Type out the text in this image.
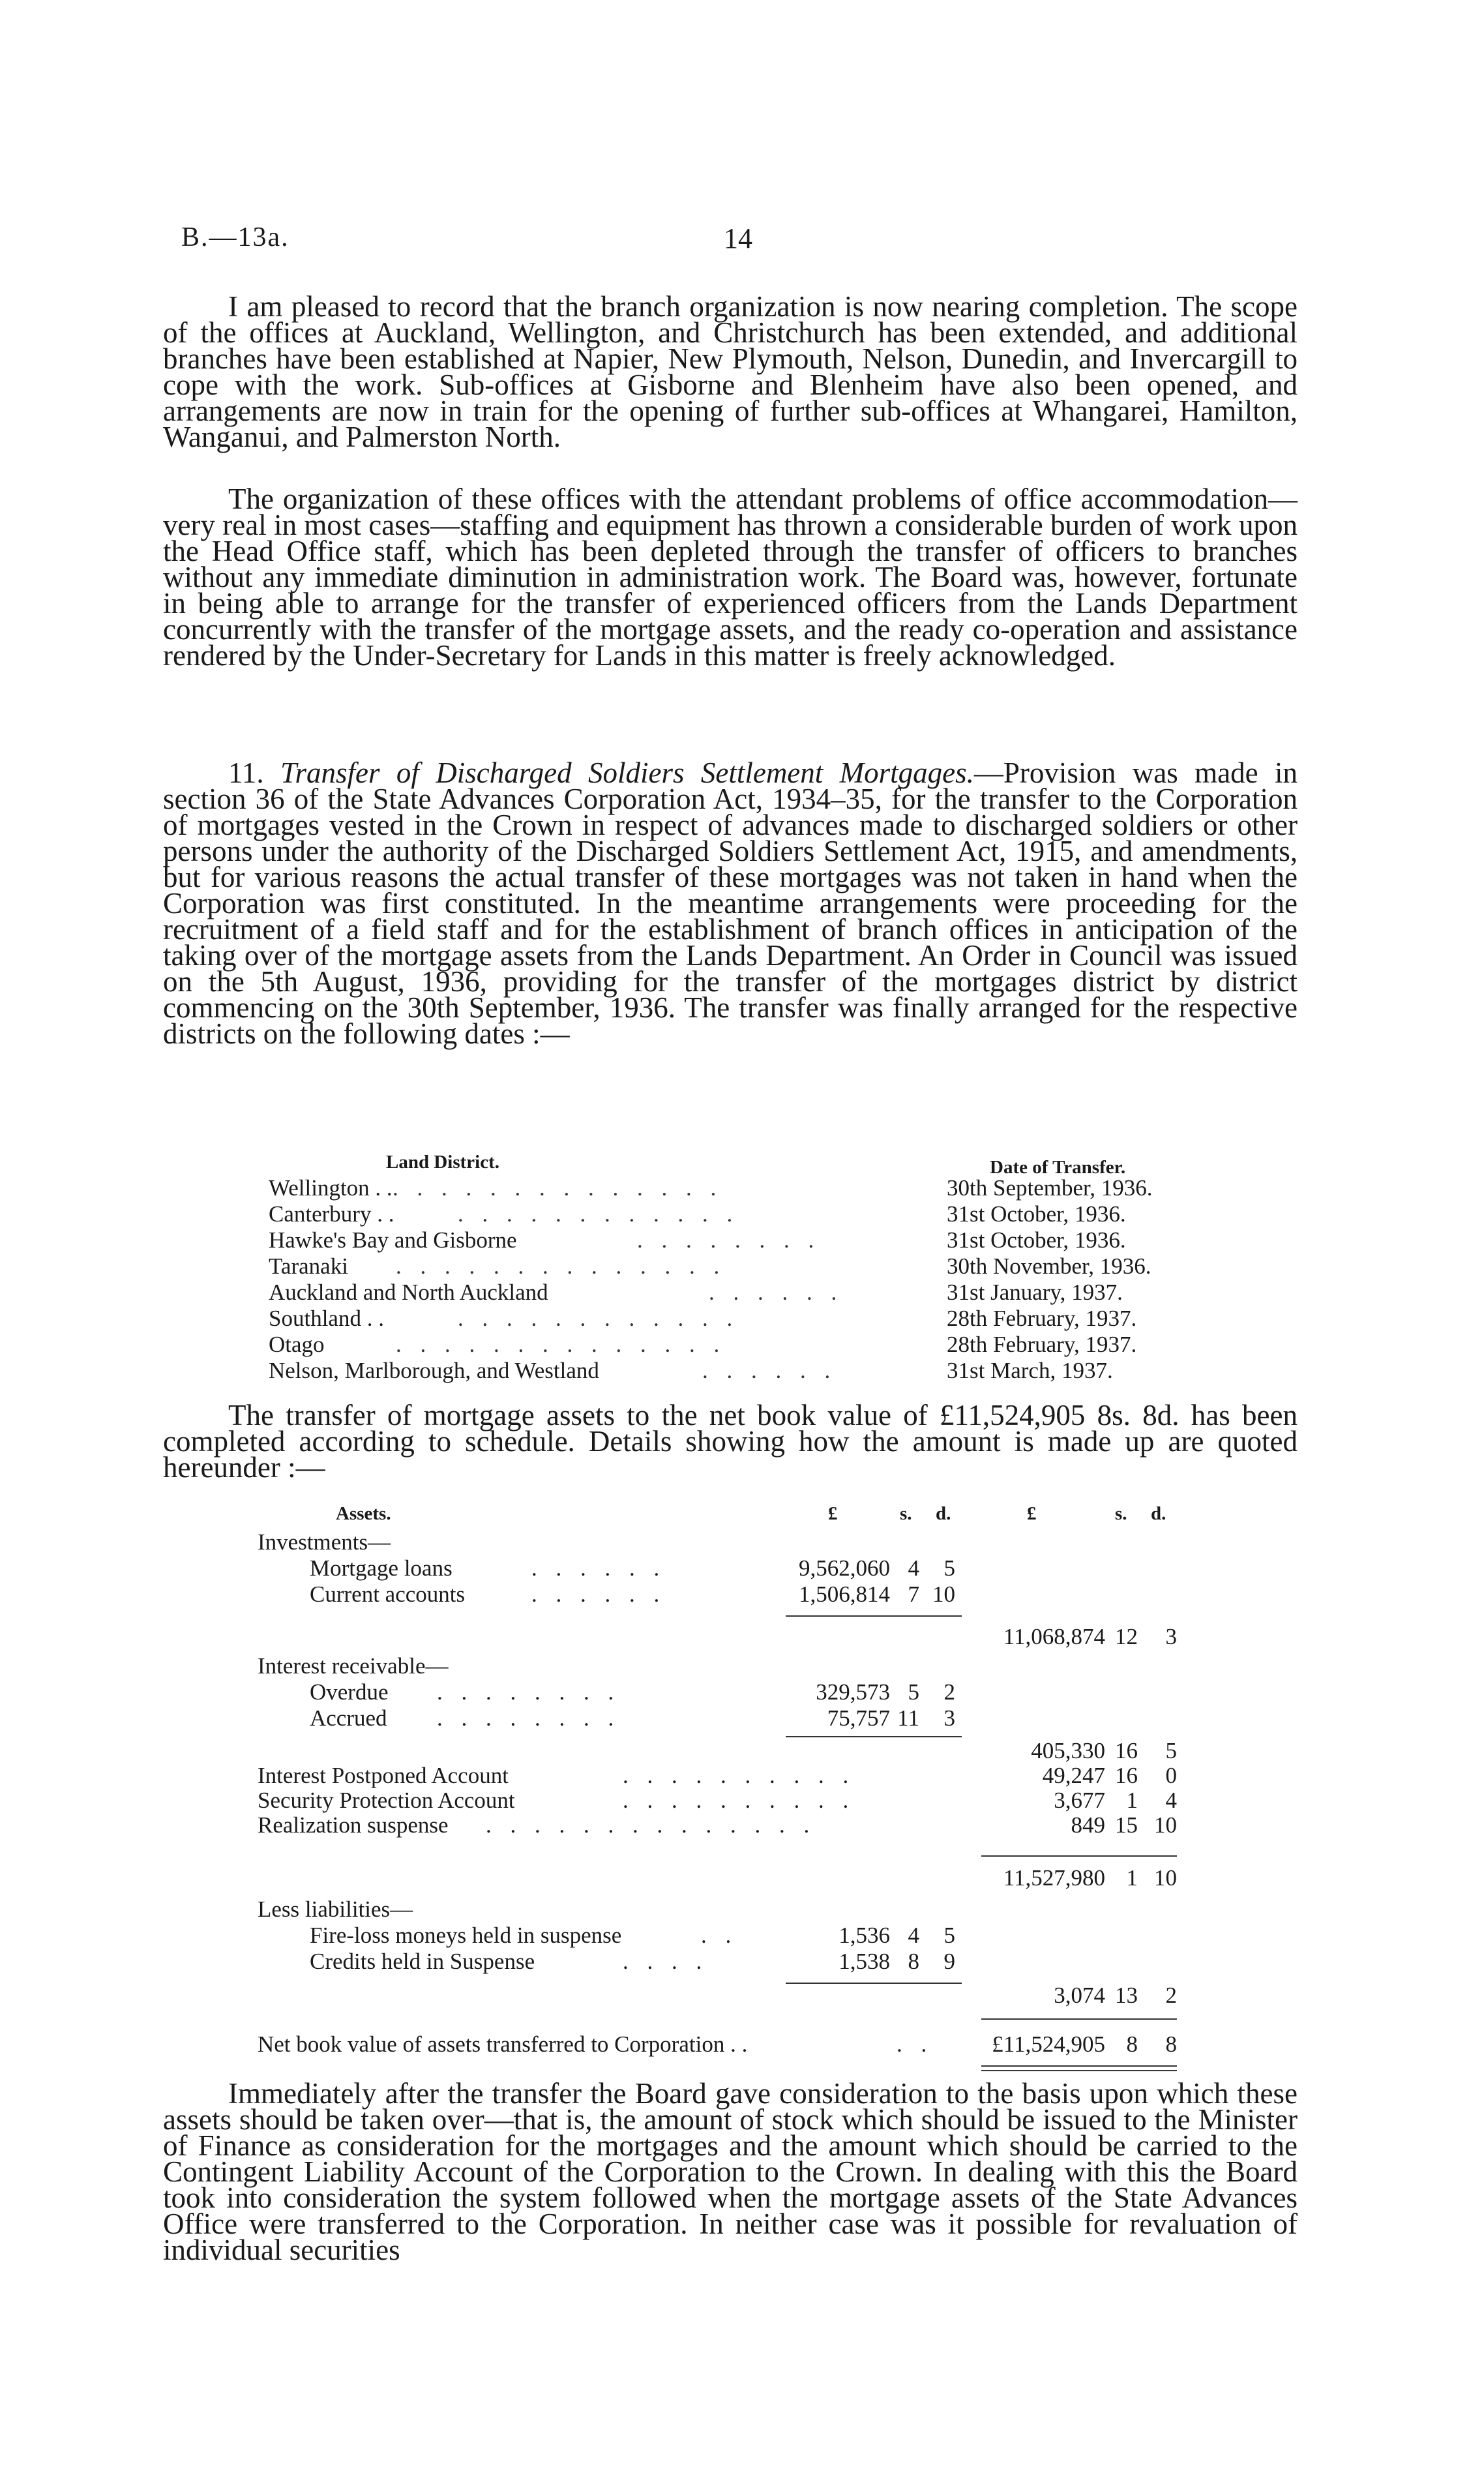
B.—13a.	14

I am pleased to record that the branch organization is now nearing completion. The scope of the offices at Auckland, Wellington, and Christchurch has been extended, and additional branches have been established at Napier, New Plymouth, Nelson, Dunedin, and Invercargill to cope with the work. Sub-offices at Gisborne and Blenheim have also been opened, and arrangements are now in train for the opening of further sub-offices at Whangarei, Hamilton, Wanganui, and Palmerston North.

The organization of these offices with the attendant problems of office accommodation—very real in most cases—staffing and equipment has thrown a considerable burden of work upon the Head Office staff, which has been depleted through the transfer of officers to branches without any immediate diminution in administration work. The Board was, however, fortunate in being able to arrange for the transfer of experienced officers from the Lands Department concurrently with the transfer of the mortgage assets, and the ready co-operation and assistance rendered by the Under-Secretary for Lands in this matter is freely acknowledged.

11. Transfer of Discharged Soldiers Settlement Mortgages.—Provision was made in section 36 of the State Advances Corporation Act, 1934–35, for the transfer to the Corporation of mortgages vested in the Crown in respect of advances made to discharged soldiers or other persons under the authority of the Discharged Soldiers Settlement Act, 1915, and amendments, but for various reasons the actual transfer of these mortgages was not taken in hand when the Corporation was first constituted. In the meantime arrangements were proceeding for the recruitment of a field staff and for the establishment of branch offices in anticipation of the taking over of the mortgage assets from the Lands Department. An Order in Council was issued on the 5th August, 1936, providing for the transfer of the mortgages district by district commencing on the 30th September, 1936. The transfer was finally arranged for the respective districts on the following dates :—

Land District.	Date of Transfer.
Wellington . . . . . . . . . . . . . . . .	30th September, 1936.
Canterbury . .	. . . . . . . . . . . .	31st October, 1936.
Hawke's Bay and Gisborne	. . . . . . . .	31st October, 1936.
Taranaki . . . . . . . . . . . . . .	30th November, 1936.
Auckland and North Auckland	. . . . . .	31st January, 1937.
Southland . .	. . . . . . . . . . . .	28th February, 1937.
Otago	. . . . . . . . . . . . . .	28th February, 1937.
Nelson, Marlborough, and Westland	. . . . . .	31st March, 1937.

The transfer of mortgage assets to the net book value of £11,524,905 8s. 8d. has been completed according to schedule. Details showing how the amount is made up are quoted hereunder :—

Assets.	£	s. d.	£	s. d.
Investments—
Mortgage loans	. . . . . .	9,562,060 4	5
Current accounts	. . . . . .	1,506,814 7 10
11,068,874 12	3
Interest receivable—
Overdue . . . . . . . .	329,573 5	2
Accrued . . . . . . . .	75,757 11	3
405,330 16	5
Interest Postponed Account	. . . . . . . . . .	49,247 16	0
Security Protection Account	. . . . . . . . . .	3,677 1	4
Realization suspense . . . . . . . . . . . . . .	849 15 10
11,527,980 1 10
Less liabilities—
Fire-loss moneys held in suspense	. .	1,536 4	5
Credits held in Suspense	. . . .	1,538 8	9
3,074 13	2
Net book value of assets transferred to Corporation . .	. .	£11,524,905 8	8

Immediately after the transfer the Board gave consideration to the basis upon which these assets should be taken over—that is, the amount of stock which should be issued to the Minister of Finance as consideration for the mortgages and the amount which should be carried to the Contingent Liability Account of the Corporation to the Crown. In dealing with this the Board took into consideration the system followed when the mortgage assets of the State Advances Office were transferred to the Corporation. In neither case was it possible for revaluation of individual securities
